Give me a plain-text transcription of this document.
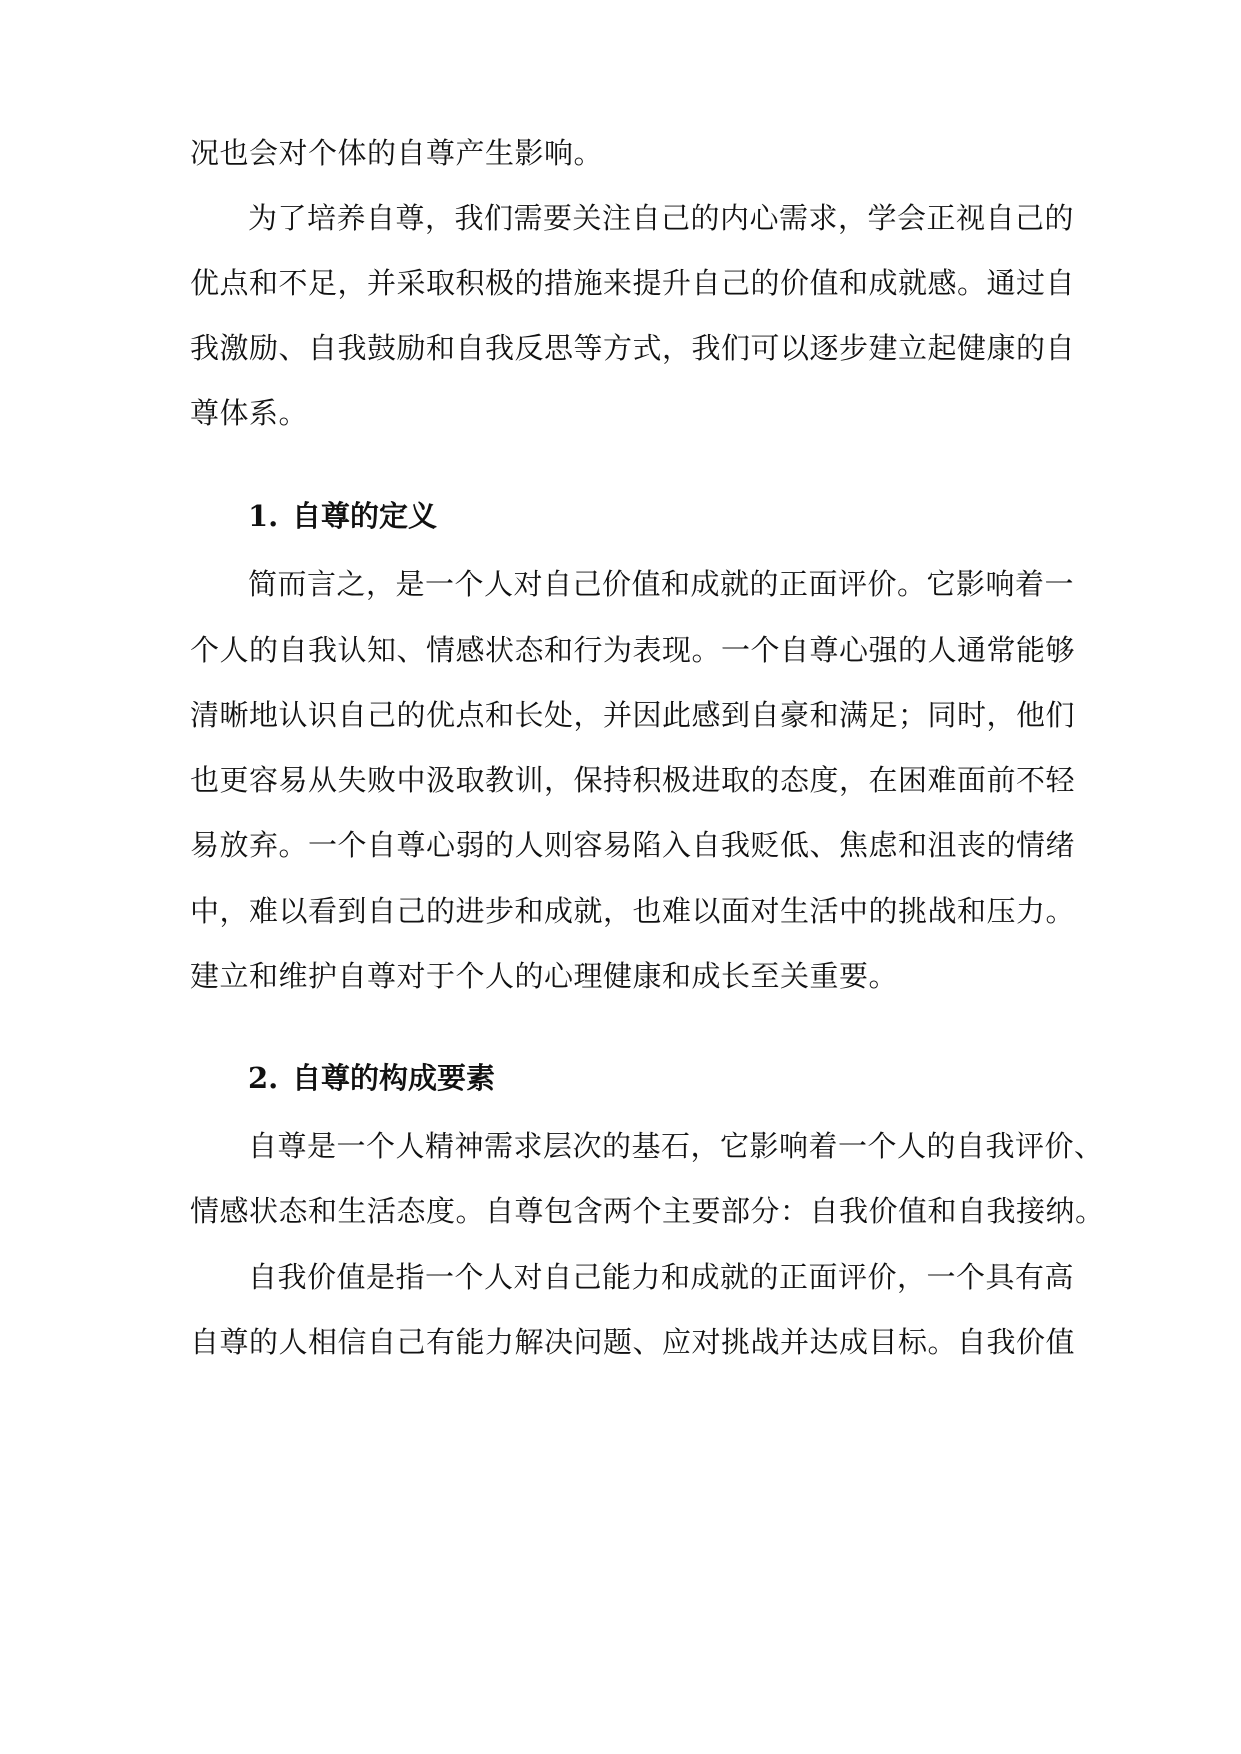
况也会对个体的自尊产生影响。
为了培养自尊，我们需要关注自己的内心需求，学会正视自己的
优点和不足，并采取积极的措施来提升自己的价值和成就感。通过自
我激励、自我鼓励和自我反思等方式，我们可以逐步建立起健康的自
尊体系。
1. 自尊的定义
简而言之，是一个人对自己价值和成就的正面评价。它影响着一
个人的自我认知、情感状态和行为表现。一个自尊心强的人通常能够
清晰地认识自己的优点和长处，并因此感到自豪和满足；同时，他们
也更容易从失败中汲取教训，保持积极进取的态度，在困难面前不轻
易放弃。一个自尊心弱的人则容易陷入自我贬低、焦虑和沮丧的情绪
中，难以看到自己的进步和成就，也难以面对生活中的挑战和压力。
建立和维护自尊对于个人的心理健康和成长至关重要。
2. 自尊的构成要素
自尊是一个人精神需求层次的基石，它影响着一个人的自我评价、
情感状态和生活态度。自尊包含两个主要部分：自我价值和自我接纳。
自我价值是指一个人对自己能力和成就的正面评价，一个具有高
自尊的人相信自己有能力解决问题、应对挑战并达成目标。自我价值
